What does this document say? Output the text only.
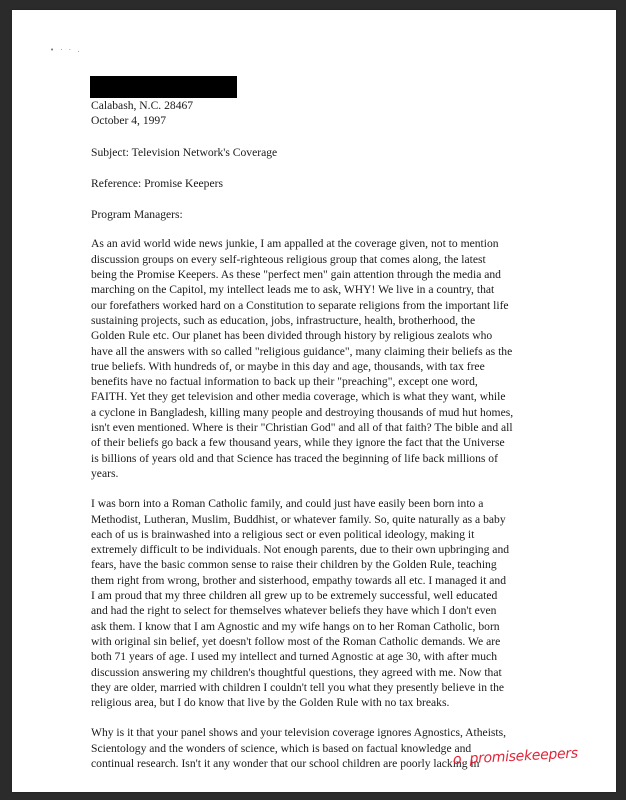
• · · .
Calabash, N.C. 28467
October 4, 1997
Subject: Television Network's Coverage
Reference: Promise Keepers
Program Managers:
As an avid world wide news junkie, I am appalled at the coverage given, not to mention
discussion groups on every self-righteous religious group that comes along, the latest
being the Promise Keepers. As these "perfect men" gain attention through the media and
marching on the Capitol, my intellect leads me to ask, WHY! We live in a country, that
our forefathers worked hard on a Constitution to separate religions from the important life
sustaining projects, such as education, jobs, infrastructure, health, brotherhood, the
Golden Rule etc. Our planet has been divided through history by religious zealots who
have all the answers with so called "religious guidance", many claiming their beliefs as the
true beliefs. With hundreds of, or maybe in this day and age, thousands, with tax free
benefits have no factual information to back up their "preaching", except one word,
FAITH. Yet they get television and other media coverage, which is what they want, while
a cyclone in Bangladesh, killing many people and destroying thousands of mud hut homes,
isn't even mentioned. Where is their "Christian God" and all of that faith? The bible and all
of their beliefs go back a few thousand years, while they ignore the fact that the Universe
is billions of years old and that Science has traced the beginning of life back millions of
years.
I was born into a Roman Catholic family, and could just have easily been born into a
Methodist, Lutheran, Muslim, Buddhist, or whatever family. So, quite naturally as a baby
each of us is brainwashed into a religious sect or even political ideology, making it
extremely difficult to be individuals. Not enough parents, due to their own upbringing and
fears, have the basic common sense to raise their children by the Golden Rule, teaching
them right from wrong, brother and sisterhood, empathy towards all etc. I managed it and
I am proud that my three children all grew up to be extremely successful, well educated
and had the right to select for themselves whatever beliefs they have which I don't even
ask them. I know that I am Agnostic and my wife hangs on to her Roman Catholic, born
with original sin belief, yet doesn't follow most of the Roman Catholic demands. We are
both 71 years of age. I used my intellect and turned Agnostic at age 30, with after much
discussion answering my children's thoughtful questions, they agreed with me. Now that
they are older, married with children I couldn't tell you what they presently believe in the
religious area, but I do know that live by the Golden Rule with no tax breaks.
Why is it that your panel shows and your television coverage ignores Agnostics, Atheists,
Scientology and the wonders of science, which is based on factual knowledge and
continual research. Isn't it any wonder that our school children are poorly lacking in
o. promisekeepers
